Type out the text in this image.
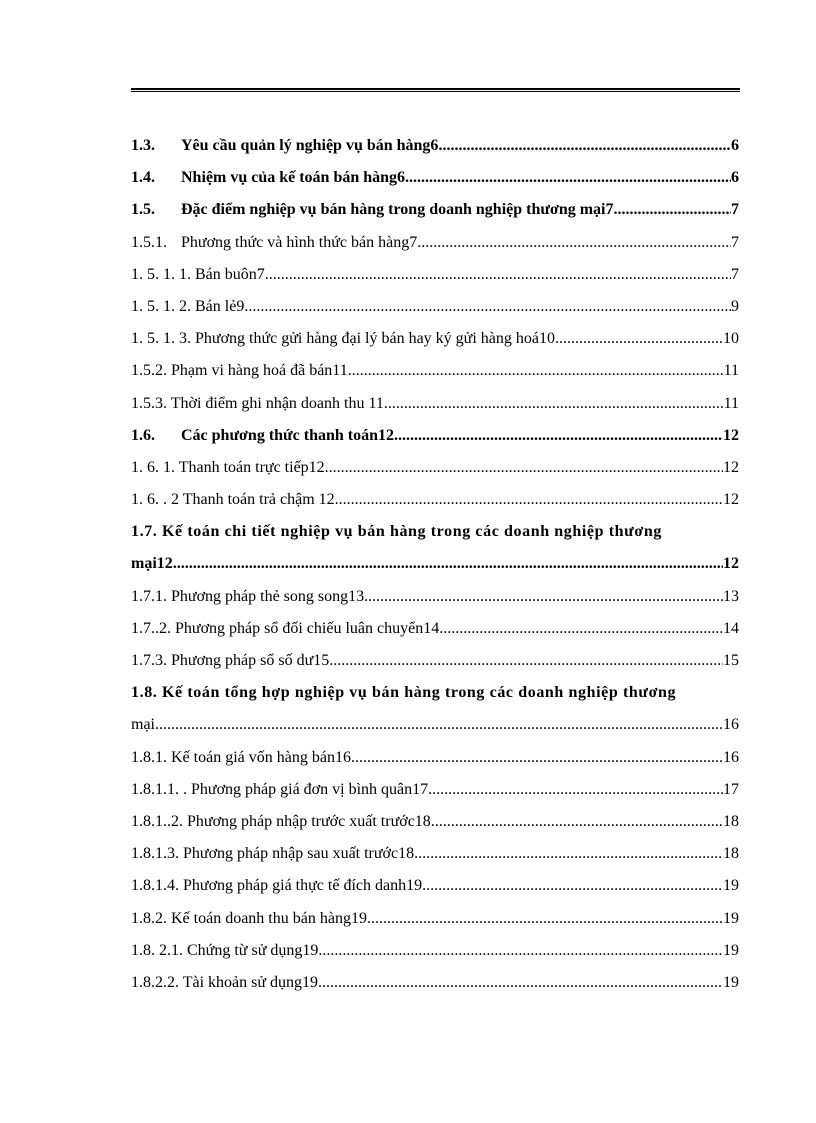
1.3.	Yêu cầu quản lý nghiệp vụ bán hàng6 .....	6
1.4.	Nhiệm vụ của kế toán bán hàng6 .....	6
1.5.	Đặc điểm nghiệp vụ bán hàng trong doanh nghiệp thương mại7 .....	7
1.5.1. Phương thức và hình thức bán hàng7 .....	7
1. 5. 1. 1. Bán buôn7 .....	7
1. 5. 1. 2. Bán lẻ9 .....	9
1. 5. 1. 3. Phương thức gửi hàng đại lý bán hay ký gửi hàng hoá10 .....	10
1.5.2. Phạm vi hàng hoá đã bán11 .....	11
1.5.3. Thời điểm ghi nhận doanh thu 11 .....	11
1.6.	Các phương thức thanh toán12 .....	12
1. 6. 1. Thanh toán trực tiếp12 .....	12
1. 6. . 2 Thanh toán trả chậm 12 .....	12
1.7. Kế toán chi tiết nghiệp vụ bán hàng trong các doanh nghiệp thương
mại12 .....	12
1.7.1. Phương pháp thẻ song song13 .....	13
1.7..2. Phương pháp sổ đối chiếu luân chuyển14 .....	14
1.7.3. Phương pháp sổ số dư15 .....	15
1.8. Kế toán tổng hợp nghiệp vụ bán hàng trong các doanh nghiệp thương
mại .....	16
1.8.1. Kế toán giá vốn hàng bán16 .....	16
1.8.1.1. . Phương pháp giá đơn vị bình quân17 .....	17
1.8.1..2. Phương pháp nhập trước xuất trước18 .....	18
1.8.1.3. Phương pháp nhập sau xuất trước18 .....	18
1.8.1.4. Phương pháp giá thực tế đích danh19 .....	19
1.8.2. Kế toán doanh thu bán hàng19 .....	19
1.8. 2.1. Chứng từ sử dụng19 .....	19
1.8.2.2. Tài khoản sử dụng19 .....	19
